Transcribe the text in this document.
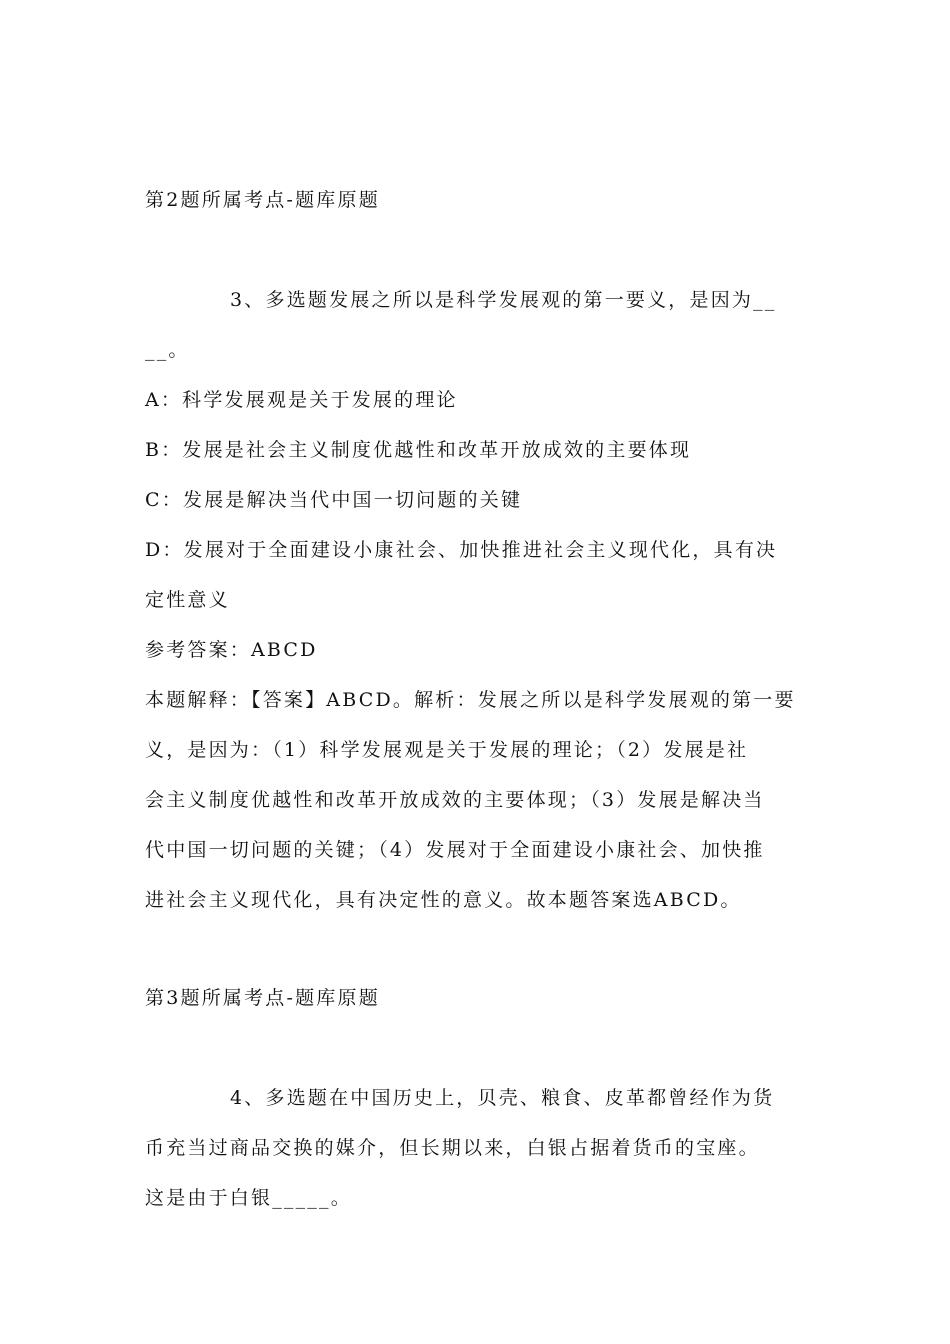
第2题所属考点-题库原题
3、多选题发展之所以是科学发展观的第一要义，是因为__
__。
A：科学发展观是关于发展的理论
B：发展是社会主义制度优越性和改革开放成效的主要体现
C：发展是解决当代中国一切问题的关键
D：发展对于全面建设小康社会、加快推进社会主义现代化，具有决
定性意义
参考答案：ABCD
本题解释：【答案】ABCD。解析：发展之所以是科学发展观的第一要
义，是因为：（1）科学发展观是关于发展的理论；（2）发展是社
会主义制度优越性和改革开放成效的主要体现；（3）发展是解决当
代中国一切问题的关键；（4）发展对于全面建设小康社会、加快推
进社会主义现代化，具有决定性的意义。故本题答案选ABCD。
第3题所属考点-题库原题
4、多选题在中国历史上，贝壳、粮食、皮革都曾经作为货
币充当过商品交换的媒介，但长期以来，白银占据着货币的宝座。
这是由于白银_____。
